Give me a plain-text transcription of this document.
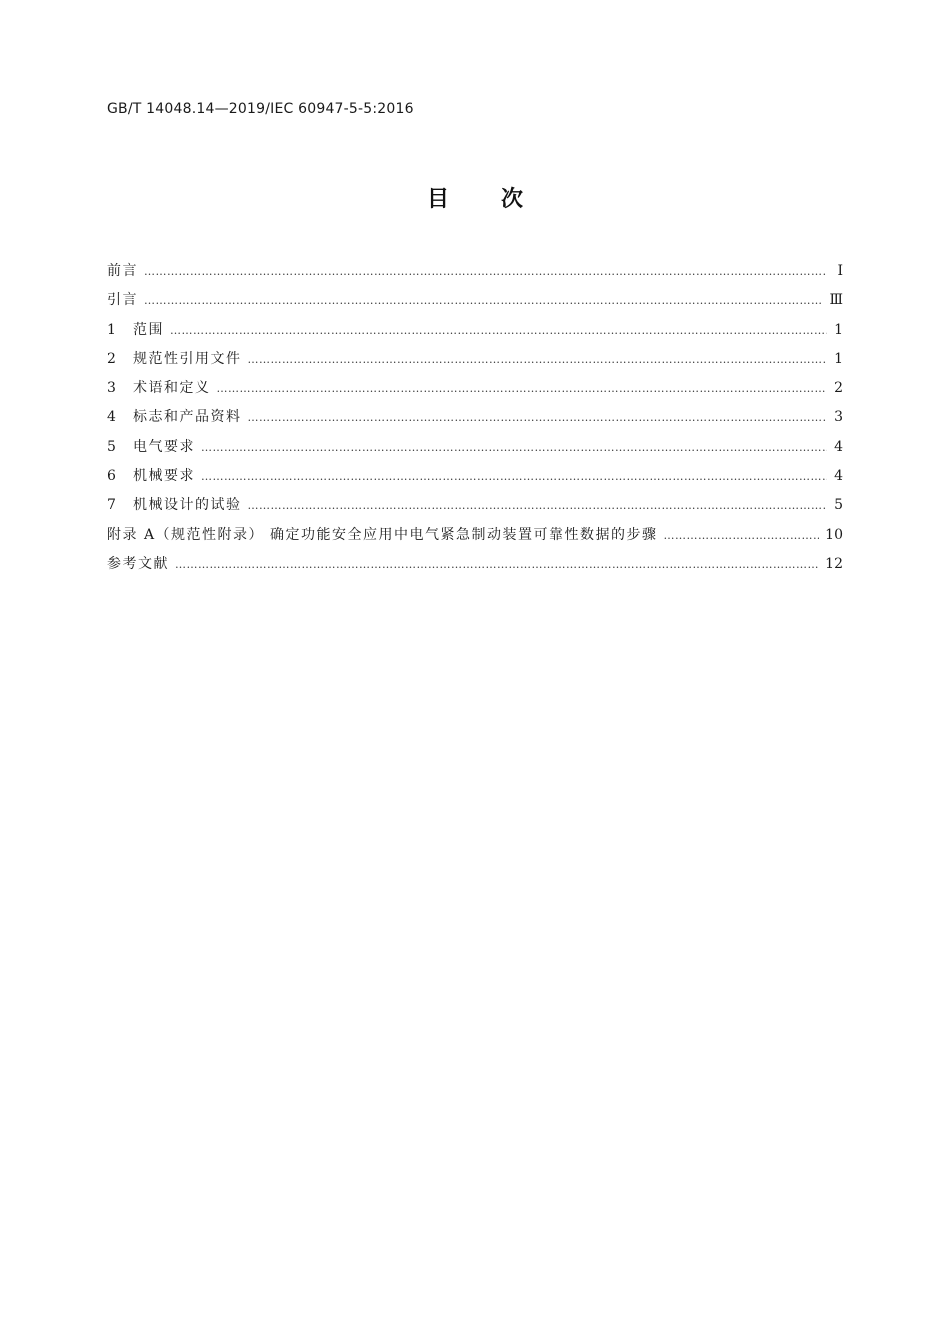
GB/T 14048.14—2019/IEC 60947-5-5:2016
目次
前言 ………………………………………………………………………………………………………………………………………………………………………………………………………………………………………………………………………………	Ⅰ
引言 ………………………………………………………………………………………………………………………………………………………………………………………………………………………………………………………………………………	Ⅲ
1	范围 ………………………………………………………………………………………………………………………………………………………………………………………………………………………………………………………………………………	1
2	规范性引用文件 ………………………………………………………………………………………………………………………………………………………………………………………………………………………………………………………………………………	1
3	术语和定义 ………………………………………………………………………………………………………………………………………………………………………………………………………………………………………………………………………………	2
4	标志和产品资料 ………………………………………………………………………………………………………………………………………………………………………………………………………………………………………………………………………………	3
5	电气要求 ………………………………………………………………………………………………………………………………………………………………………………………………………………………………………………………………………………	4
6	机械要求 ………………………………………………………………………………………………………………………………………………………………………………………………………………………………………………………………………………	4
7	机械设计的试验 ………………………………………………………………………………………………………………………………………………………………………………………………………………………………………………………………………………	5
附录 A（规范性附录） 确定功能安全应用中电气紧急制动装置可靠性数据的步骤 ………………………………………………………………………………………………………………………………………………………………………………………………………………………………………………………………………………	10
参考文献 ………………………………………………………………………………………………………………………………………………………………………………………………………………………………………………………………………………	12
